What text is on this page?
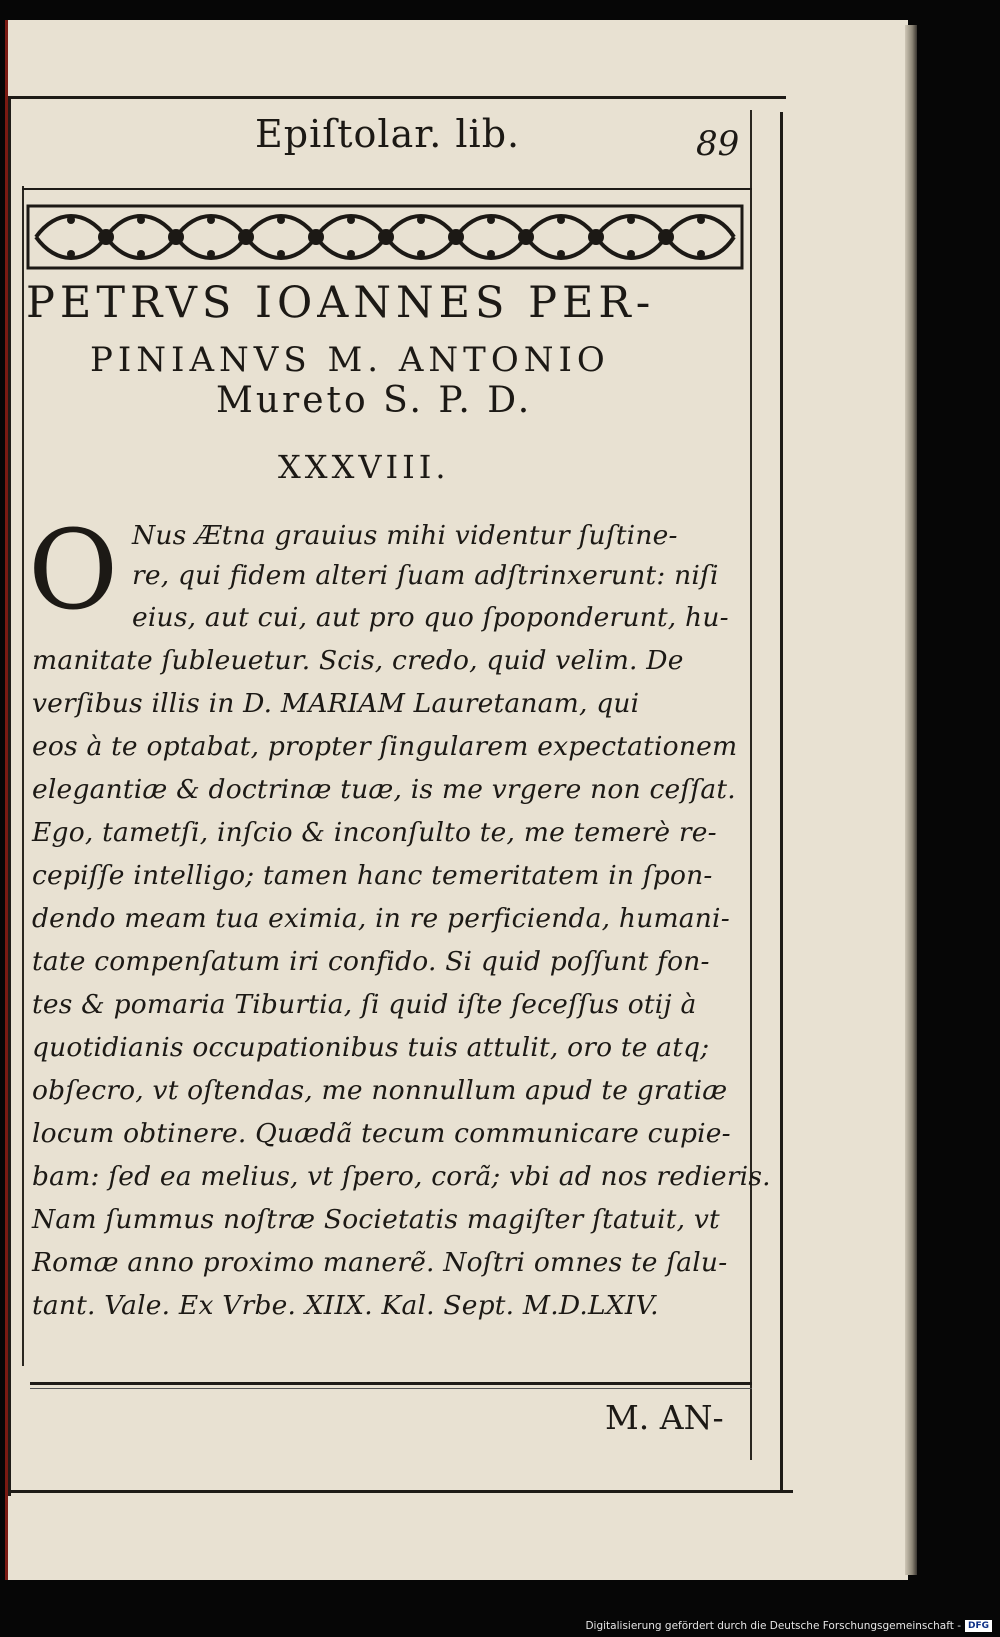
Epiſtolar. lib.	89
PETRVS IOANNES PER-
PINIANVS M. ANTONIO
Mureto S. P. D.
XXXVIII.
O Nus Ætna grauius mihi videntur ſuſtine-
re, qui fidem alteri ſuam adſtrinxerunt: niſi
eius, aut cui, aut pro quo ſpoponderunt, hu-
manitate ſubleuetur. Scis, credo, quid velim. De
verſibus illis in D. MARIAM Lauretanam, qui
eos à te optabat, propter ſingularem expectationem
elegantiæ & doctrinæ tuæ, is me vrgere non ceſſat.
Ego, tametſi, inſcio & inconſulto te, me temerè re-
cepiſſe intelligo; tamen hanc temeritatem in ſpon-
dendo meam tua eximia, in re perficienda, humani-
tate compenſatum iri confido. Si quid poſſunt fon-
tes & pomaria Tiburtia, ſi quid iſte ſeceſſus otij à
quotidianis occupationibus tuis attulit, oro te atq;
obſecro, vt oſtendas, me nonnullum apud te gratiæ
locum obtinere. Quædã tecum communicare cupie-
bam: ſed ea melius, vt ſpero, corã; vbi ad nos redieris.
Nam ſummus noſtræ Societatis magiſter ſtatuit, vt
Romæ anno proximo manerẽ. Noſtri omnes te ſalu-
tant. Vale. Ex Vrbe. XIIX. Kal. Sept. M.D.LXIV.
M. AN-
Digitalisierung gefördert durch die Deutsche Forschungsgemeinschaft - DFG
